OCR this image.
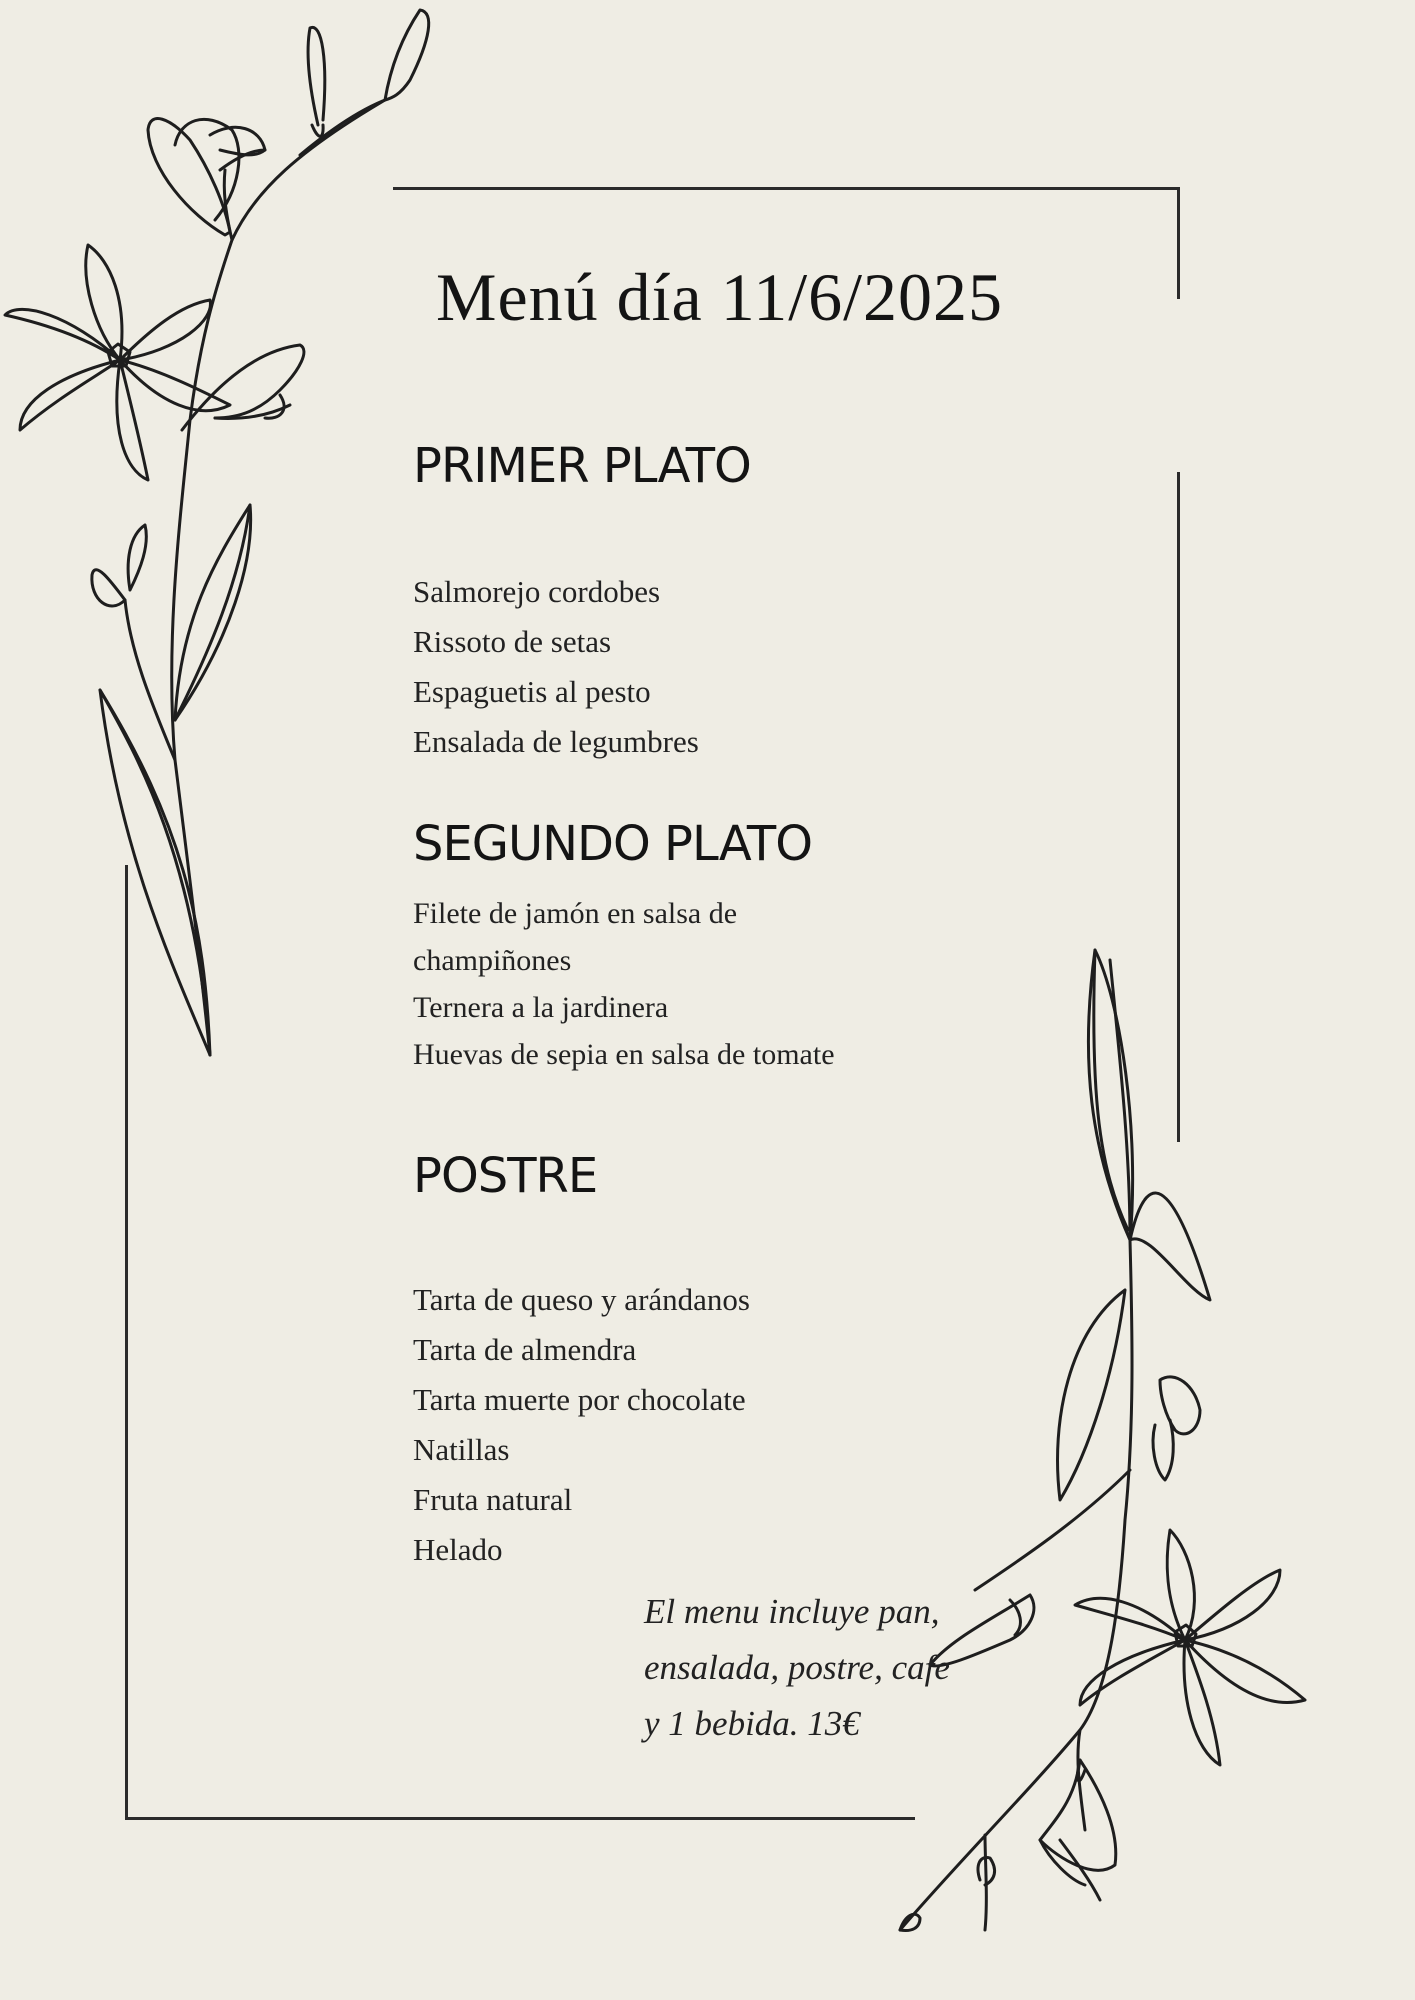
Menú día 11/6/2025
PRIMER PLATO
Salmorejo cordobes
Rissoto de setas
Espaguetis al pesto
Ensalada de legumbres
SEGUNDO PLATO
Filete de jamón en salsa de
champiñones
Ternera a la jardinera
Huevas de sepia en salsa de tomate
POSTRE
Tarta de queso y arándanos
Tarta de almendra
Tarta muerte por chocolate
Natillas
Fruta natural
Helado
El menu incluye pan, ensalada, postre, cafe y 1 bebida. 13€
